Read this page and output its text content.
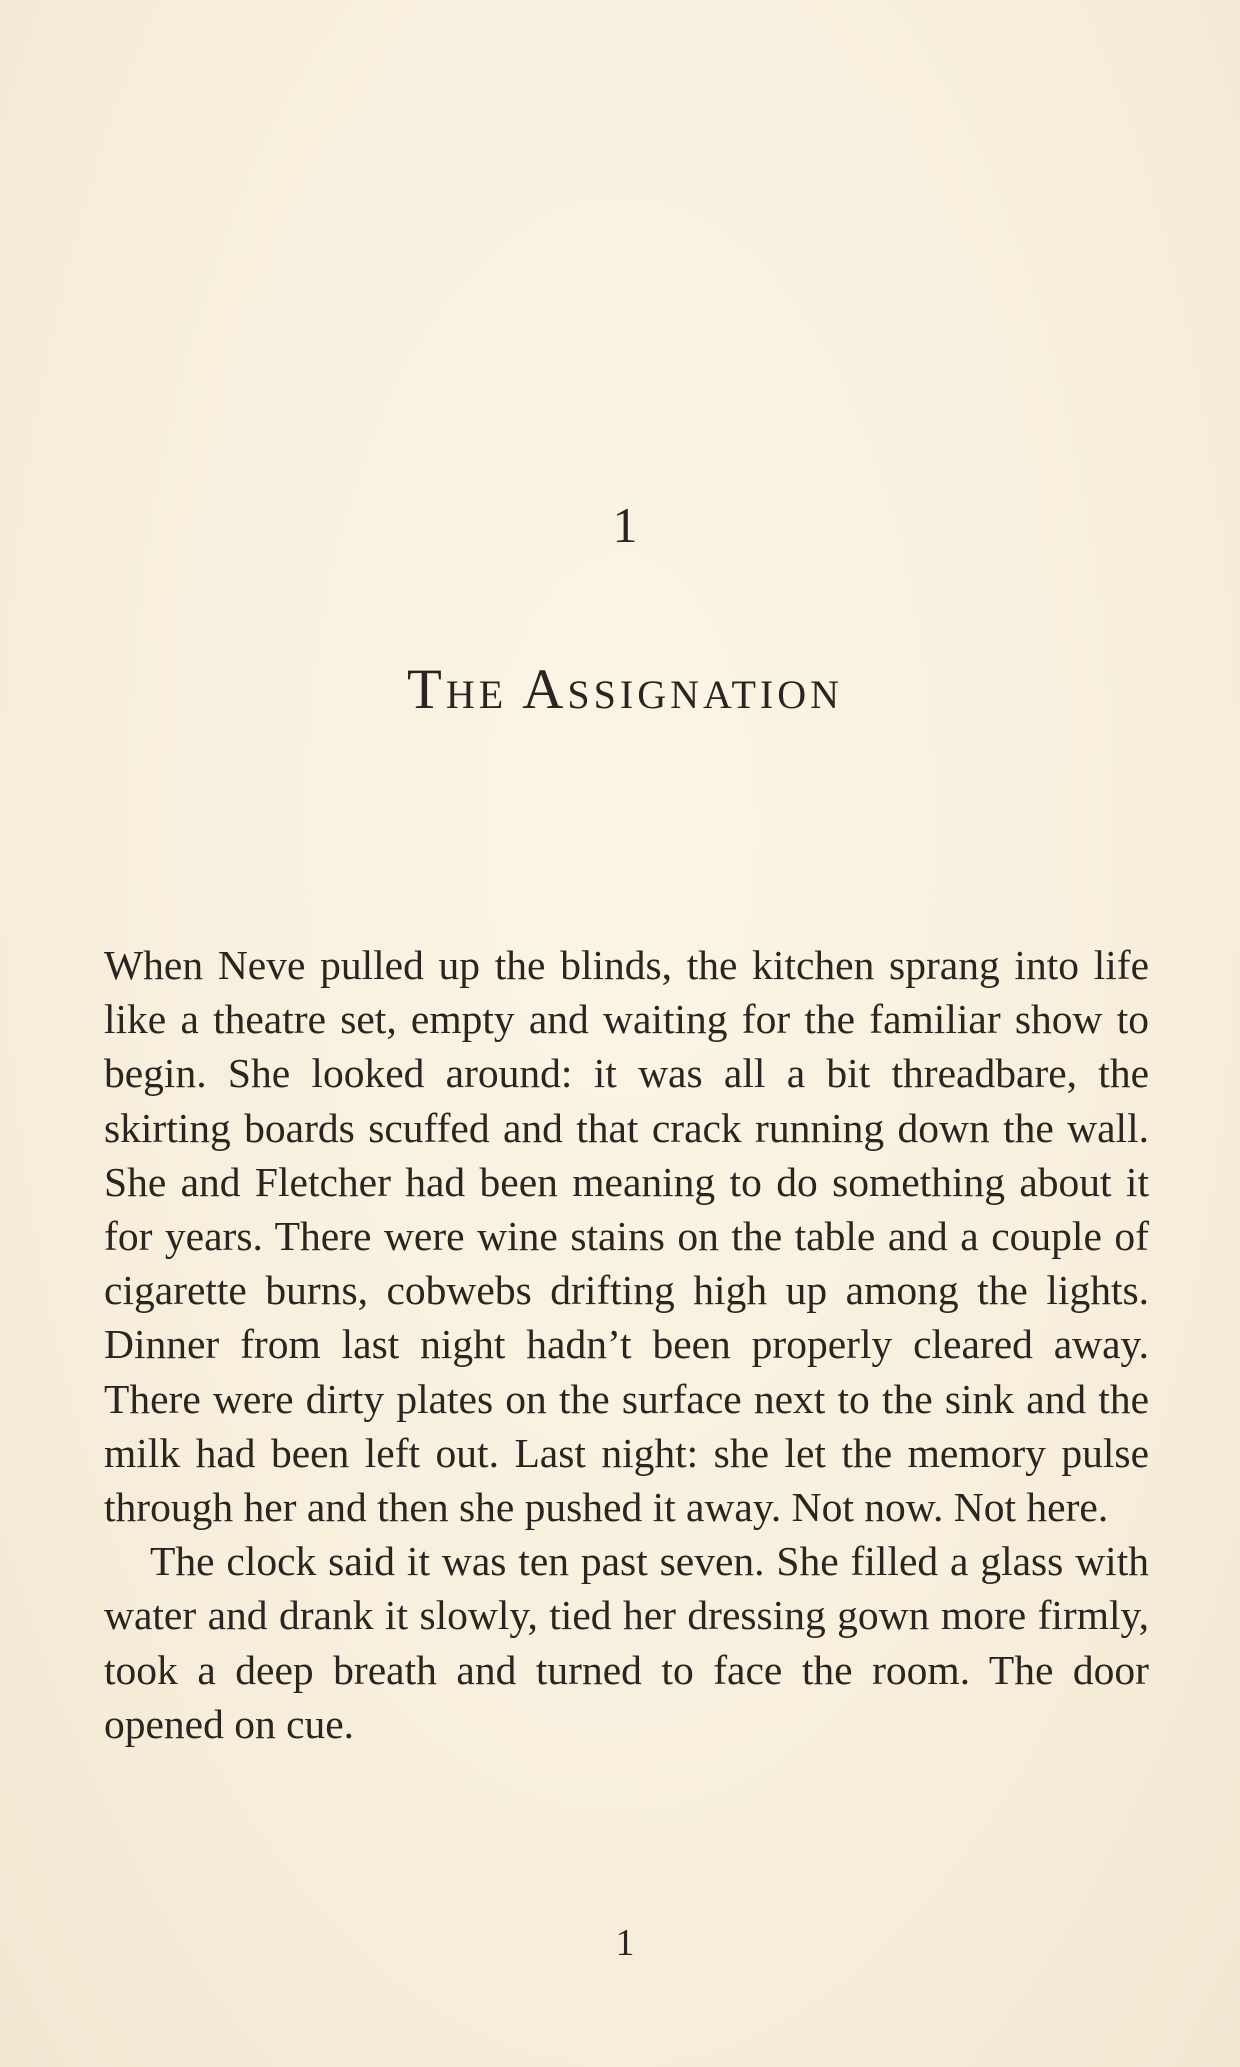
1
The Assignation

When Neve pulled up the blinds, the kitchen sprang into life like a theatre set, empty and waiting for the familiar show to begin. She looked around: it was all a bit threadbare, the skirting boards scuffed and that crack running down the wall. She and Fletcher had been meaning to do something about it for years. There were wine stains on the table and a couple of cigarette burns, cobwebs drifting high up among the lights. Dinner from last night hadn’t been properly cleared away. There were dirty plates on the surface next to the sink and the milk had been left out. Last night: she let the memory pulse through her and then she pushed it away. Not now. Not here.

The clock said it was ten past seven. She filled a glass with water and drank it slowly, tied her dressing gown more firmly, took a deep breath and turned to face the room. The door opened on cue.

1
